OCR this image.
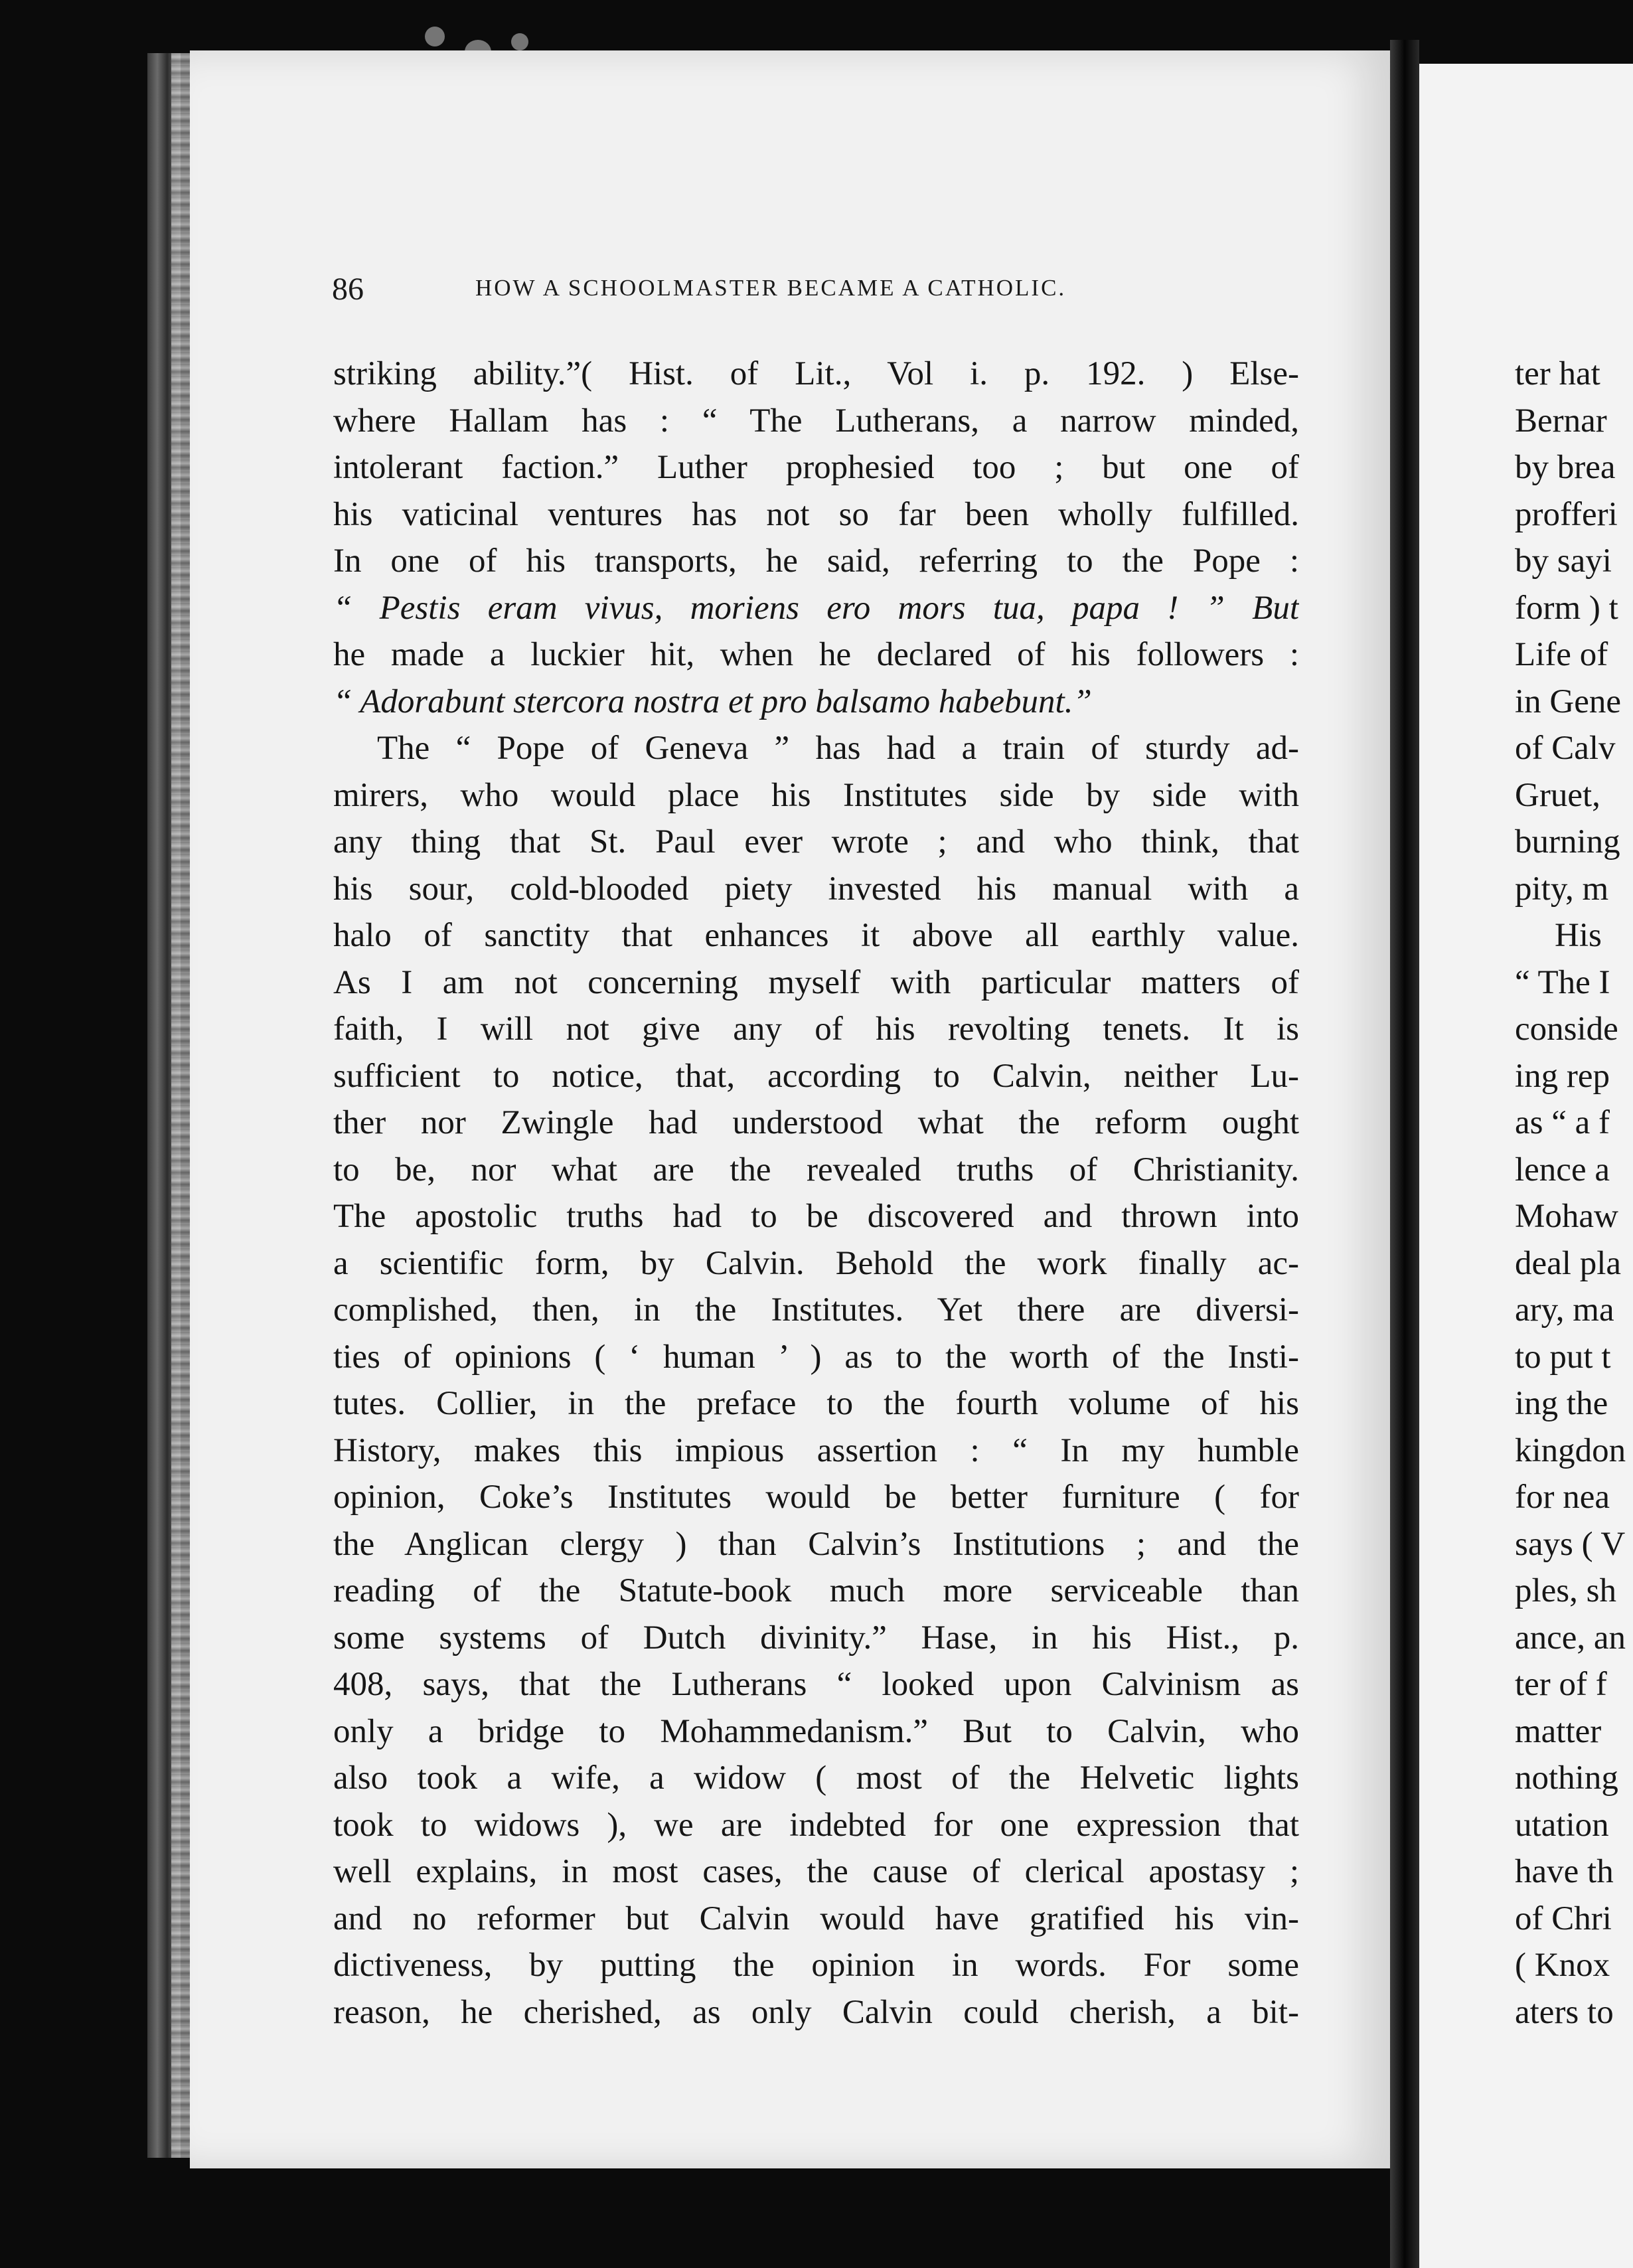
86	HOW A SCHOOLMASTER BECAME A CATHOLIC.
striking ability.”( Hist. of Lit., Vol i. p. 192. ) Else-
where Hallam has : “ The Lutherans, a narrow minded,
intolerant faction.” Luther prophesied too ; but one of
his vaticinal ventures has not so far been wholly fulfilled.
In one of his transports, he said, referring to the Pope :
“ Pestis eram vivus, moriens ero mors tua, papa ! ” But
he made a luckier hit, when he declared of his followers :
“ Adorabunt stercora nostra et pro balsamo habebunt.”
The “ Pope of Geneva ” has had a train of sturdy ad-
mirers, who would place his Institutes side by side with
any thing that St. Paul ever wrote ; and who think, that
his sour, cold-blooded piety invested his manual with a
halo of sanctity that enhances it above all earthly value.
As I am not concerning myself with particular matters of
faith, I will not give any of his revolting tenets. It is
sufficient to notice, that, according to Calvin, neither Lu-
ther nor Zwingle had understood what the reform ought
to be, nor what are the revealed truths of Christianity.
The apostolic truths had to be discovered and thrown into
a scientific form, by Calvin. Behold the work finally ac-
complished, then, in the Institutes. Yet there are diversi-
ties of opinions ( ‘ human ’ ) as to the worth of the Insti-
tutes. Collier, in the preface to the fourth volume of his
History, makes this impious assertion : “ In my humble
opinion, Coke’s Institutes would be better furniture ( for
the Anglican clergy ) than Calvin’s Institutions ; and the
reading of the Statute-book much more serviceable than
some systems of Dutch divinity.” Hase, in his Hist., p.
408, says, that the Lutherans “ looked upon Calvinism as
only a bridge to Mohammedanism.” But to Calvin, who
also took a wife, a widow ( most of the Helvetic lights
took to widows ), we are indebted for one expression that
well explains, in most cases, the cause of clerical apostasy ;
and no reformer but Calvin would have gratified his vin-
dictiveness, by putting the opinion in words. For some
reason, he cherished, as only Calvin could cherish, a bit-
ter hat
Bernar
by brea
profferi
by sayi
form ) t
Life of
in Gene
of Calv
Gruet,
burning
pity, m
His
“ The I
conside
ing rep
as “ a f
lence a
Mohaw
deal pla
ary, ma
to put t
ing the
kingdon
for nea
says ( V
ples, sh
ance, an
ter of f
matter
nothing
utation
have th
of Chri
( Knox
aters to
